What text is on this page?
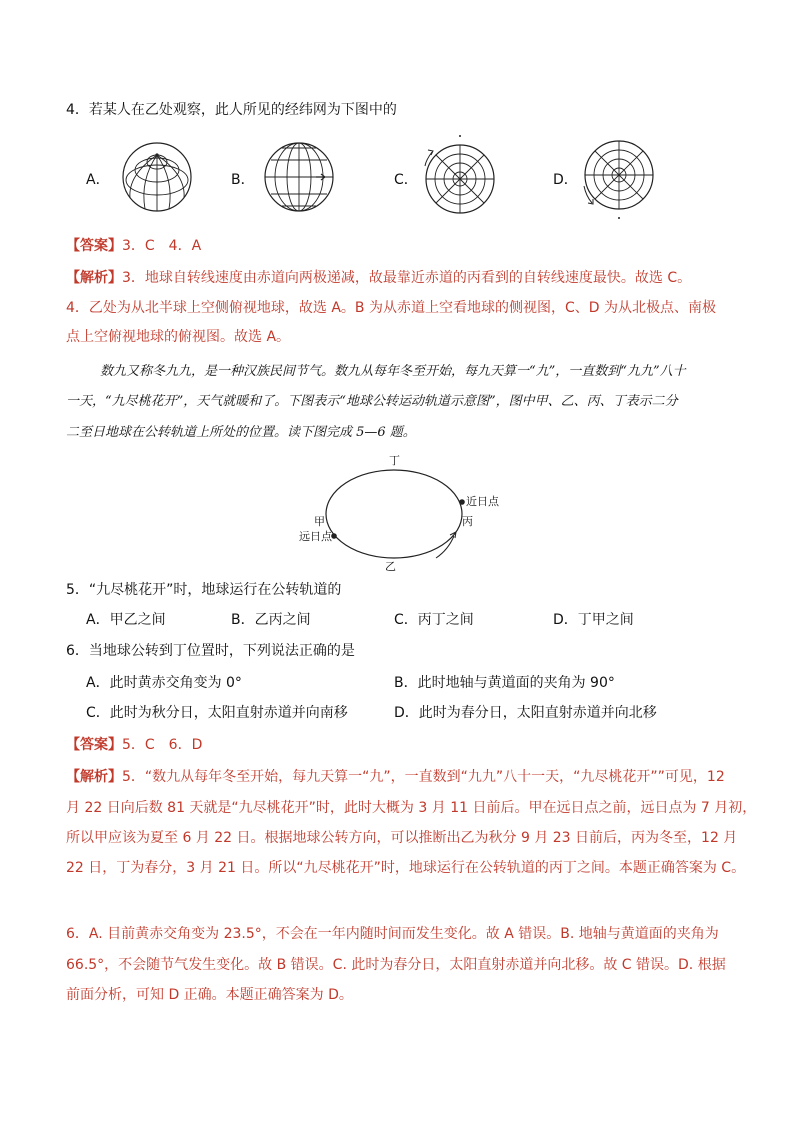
4．若某人在乙处观察，此人所见的经纬网为下图中的
A．	B．	C．	D．
【答案】3．C　4．A
【解析】3．地球自转线速度由赤道向两极递减，故最靠近赤道的丙看到的自转线速度最快。故选 C。
4．乙处为从北半球上空侧俯视地球，故选 A。B 为从赤道上空看地球的侧视图，C、D 为从北极点、南极
点上空俯视地球的俯视图。故选 A。
数九又称冬九九，是一种汉族民间节气。数九从每年冬至开始，每九天算一“九”，一直数到“九九”八十
一天，“九尽桃花开”，天气就暖和了。下图表示“地球公转运动轨道示意图”，图中甲、乙、丙、丁表示二分
二至日地球在公转轨道上所处的位置。读下图完成 5—6 题。
丁
乙
甲
远日点
丙
近日点
5．“九尽桃花开”时，地球运行在公转轨道的
A．甲乙之间	B．乙丙之间	C．丙丁之间	D．丁甲之间
6．当地球公转到丁位置时，下列说法正确的是
A．此时黄赤交角变为 0°	B．此时地轴与黄道面的夹角为 90°
C．此时为秋分日，太阳直射赤道并向南移	D．此时为春分日，太阳直射赤道并向北移
【答案】5．C　6．D
【解析】5．“数九从每年冬至开始，每九天算一“九”，一直数到“九九”八十一天，“九尽桃花开””可见，12
月 22 日向后数 81 天就是“九尽桃花开”时，此时大概为 3 月 11 日前后。甲在远日点之前，远日点为 7 月初，
所以甲应该为夏至 6 月 22 日。根据地球公转方向，可以推断出乙为秋分 9 月 23 日前后，丙为冬至，12 月
22 日，丁为春分，3 月 21 日。所以“九尽桃花开”时，地球运行在公转轨道的丙丁之间。本题正确答案为 C。
6．A. 目前黄赤交角变为 23.5°，不会在一年内随时间而发生变化。故 A 错误。B. 地轴与黄道面的夹角为
66.5°，不会随节气发生变化。故 B 错误。C. 此时为春分日，太阳直射赤道并向北移。故 C 错误。D. 根据
前面分析，可知 D 正确。本题正确答案为 D。
